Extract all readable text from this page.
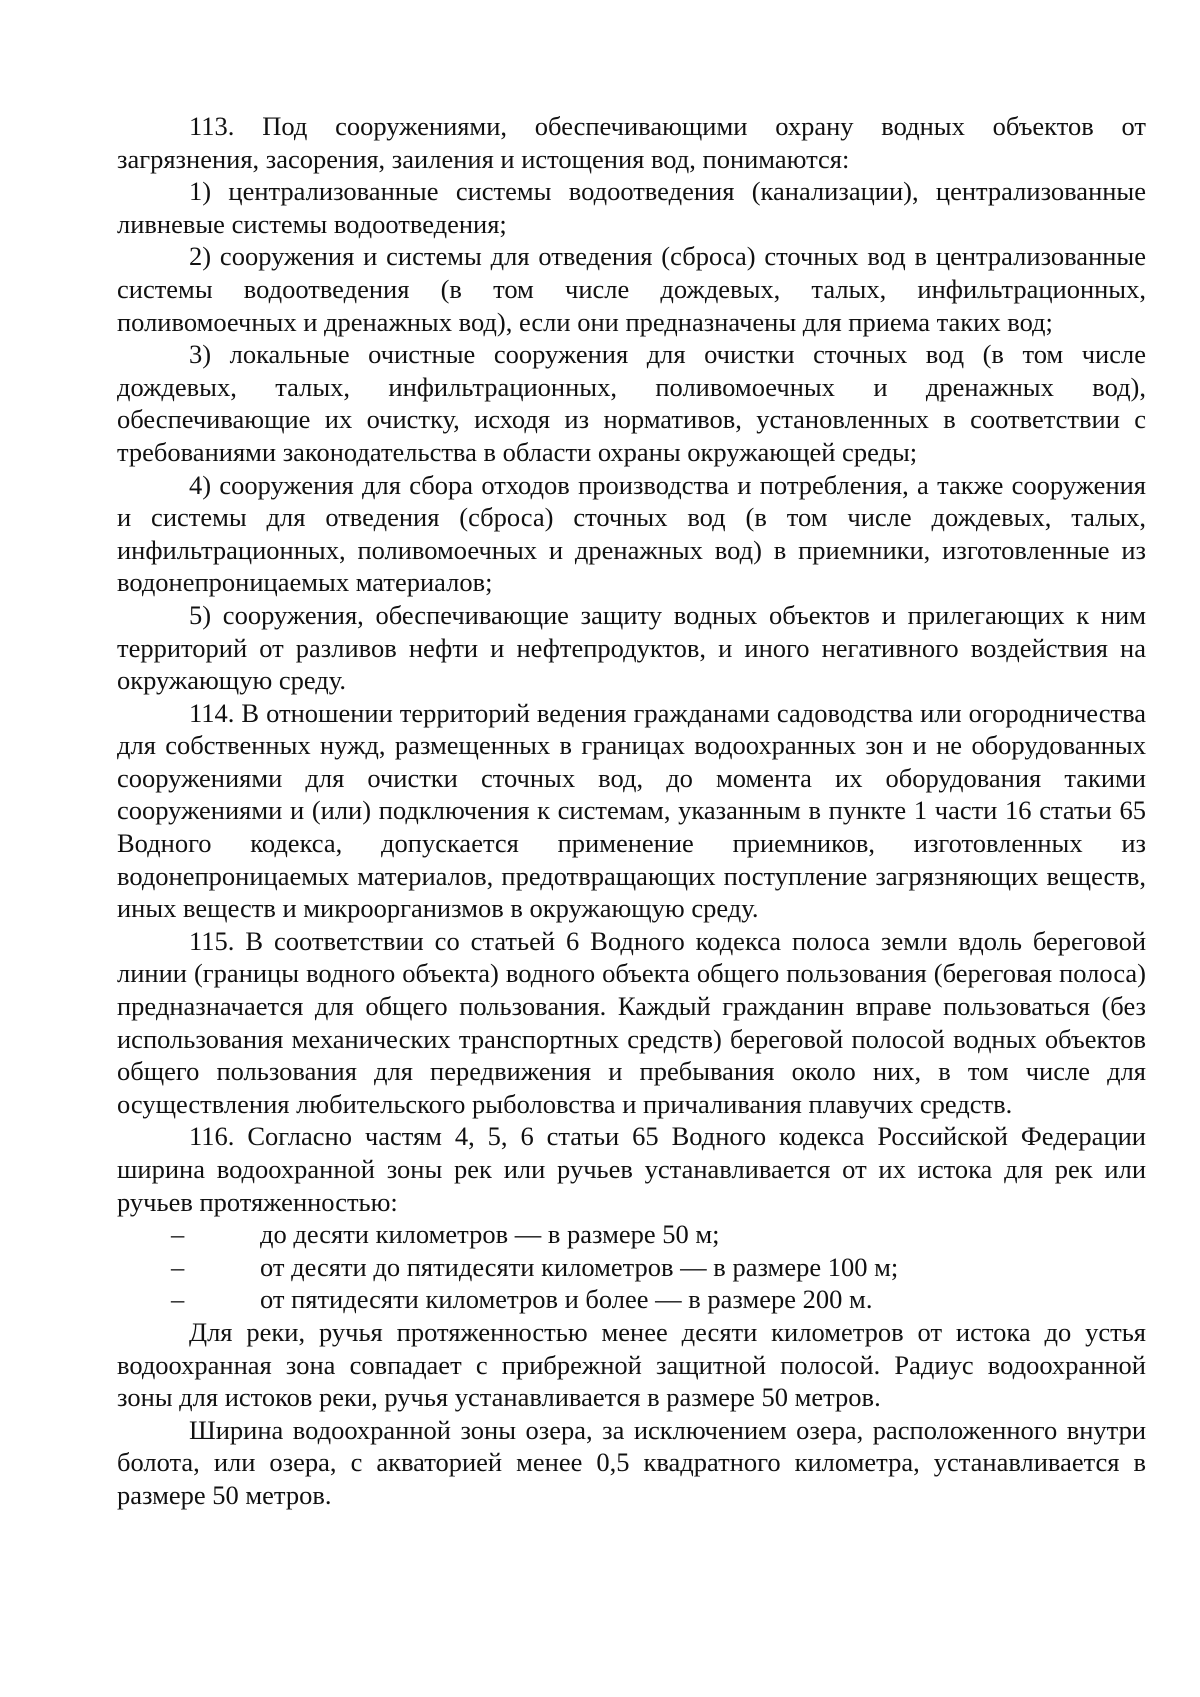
113. Под сооружениями, обеспечивающими охрану водных объектов от загрязнения, засорения, заиления и истощения вод, понимаются:

1) централизованные системы водоотведения (канализации), централизованные ливневые системы водоотведения;

2) сооружения и системы для отведения (сброса) сточных вод в централизованные системы водоотведения (в том числе дождевых, талых, инфильтрационных, поливомоечных и дренажных вод), если они предназначены для приема таких вод;

3) локальные очистные сооружения для очистки сточных вод (в том числе дождевых, талых, инфильтрационных, поливомоечных и дренажных вод), обеспечивающие их очистку, исходя из нормативов, установленных в соответствии с требованиями законодательства в области охраны окружающей среды;

4) сооружения для сбора отходов производства и потребления, а также сооружения и системы для отведения (сброса) сточных вод (в том числе дождевых, талых, инфильтрационных, поливомоечных и дренажных вод) в приемники, изготовленные из водонепроницаемых материалов;

5) сооружения, обеспечивающие защиту водных объектов и прилегающих к ним территорий от разливов нефти и нефтепродуктов, и иного негативного воздействия на окружающую среду.

114. В отношении территорий ведения гражданами садоводства или огородничества для собственных нужд, размещенных в границах водоохранных зон и не оборудованных сооружениями для очистки сточных вод, до момента их оборудования такими сооружениями и (или) подключения к системам, указанным в пункте 1 части 16 статьи 65 Водного кодекса, допускается применение приемников, изготовленных из водонепроницаемых материалов, предотвращающих поступление загрязняющих веществ, иных веществ и микроорганизмов в окружающую среду.

115. В соответствии со статьей 6 Водного кодекса полоса земли вдоль береговой линии (границы водного объекта) водного объекта общего пользования (береговая полоса) предназначается для общего пользования. Каждый гражданин вправе пользоваться (без использования механических транспортных средств) береговой полосой водных объектов общего пользования для передвижения и пребывания около них, в том числе для осуществления любительского рыболовства и причаливания плавучих средств.

116. Согласно частям 4, 5, 6 статьи 65 Водного кодекса Российской Федерации ширина водоохранной зоны рек или ручьев устанавливается от их истока для рек или ручьев протяженностью:

–	до десяти километров — в размере 50 м;

–	от десяти до пятидесяти километров — в размере 100 м;

–	от пятидесяти километров и более — в размере 200 м.

Для реки, ручья протяженностью менее десяти километров от истока до устья водоохранная зона совпадает с прибрежной защитной полосой. Радиус водоохранной зоны для истоков реки, ручья устанавливается в размере 50 метров.

Ширина водоохранной зоны озера, за исключением озера, расположенного внутри болота, или озера, с акваторией менее 0,5 квадратного километра, устанавливается в размере 50 метров.
